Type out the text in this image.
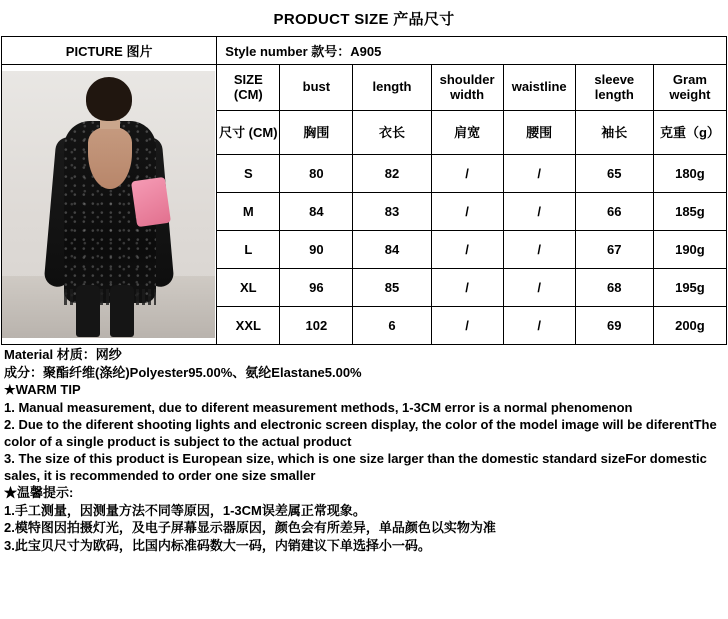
PRODUCT SIZE 产品尺寸
PICTURE 图片	Style number 款号：A905						

	SIZE (CM)	bust	length	shoulder width	waistline	sleeve length	Gram weight
	尺寸 (CM)	胸围	衣长	肩宽	腰围	袖长	克重（g）
	S	80	82	/	/	65	180g
	M	84	83	/	/	66	185g
	L	90	84	/	/	67	190g
	XL	96	85	/	/	68	195g
	XXL	102	6	/	/	69	200g

Material 材质：网纱

成分：聚酯纤维(涤纶)Polyester95.00%、氨纶Elastane5.00%

★WARM TIP

1. Manual measurement, due to diferent measurement methods, 1-3CM error is a normal phenomenon

2. Due to the diferent shooting lights and electronic screen display, the color of the model image will be diferentThe color of a single product is subject to the actual product

3. The size of this product is European size, which is one size larger than the domestic standard sizeFor domestic sales, it is recommended to order one size smaller

★温馨提示:

1.手工测量，因测量方法不同等原因，1-3CM误差属正常现象。

2.模特图因拍摄灯光，及电子屏幕显示器原因，颜色会有所差异，单品颜色以实物为准

3.此宝贝尺寸为欧码，比国内标准码数大一码，内销建议下单选择小一码。
